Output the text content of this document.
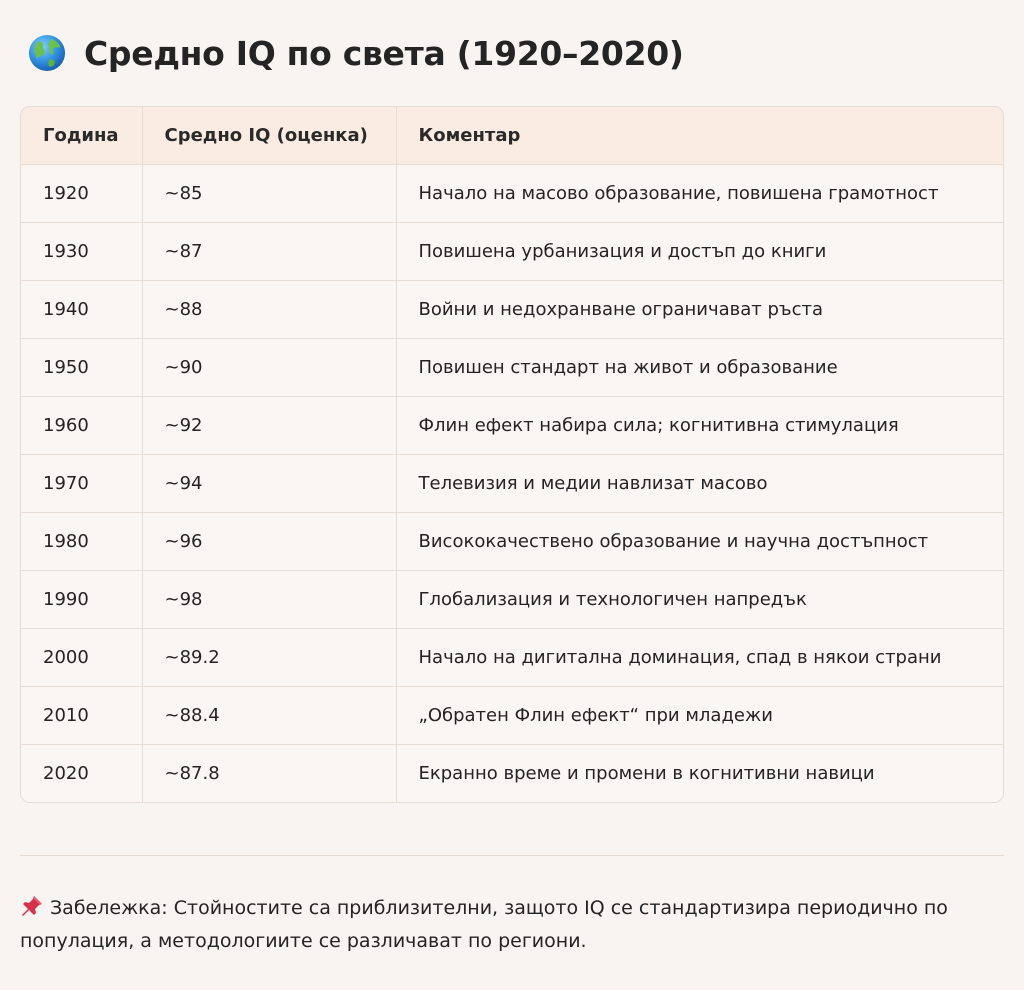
Средно IQ по света (1920–2020)
Година	Средно IQ (оценка)	Коментар
1920	~85	Начало на масово образование, повишена грамотност
1930	~87	Повишена урбанизация и достъп до книги
1940	~88	Войни и недохранване ограничават ръста
1950	~90	Повишен стандарт на живот и образование
1960	~92	Флин ефект набира сила; когнитивна стимулация
1970	~94	Телевизия и медии навлизат масово
1980	~96	Висококачествено образование и научна достъпност
1990	~98	Глобализация и технологичен напредък
2000	~89.2	Начало на дигитална доминация, спад в някои страни
2010	~88.4	„Обратен Флин ефект“ при младежи
2020	~87.8	Екранно време и промени в когнитивни навици
Забележка: Стойностите са приблизителни, защото IQ се стандартизира периодично по популация, а методологиите се различават по региони.
